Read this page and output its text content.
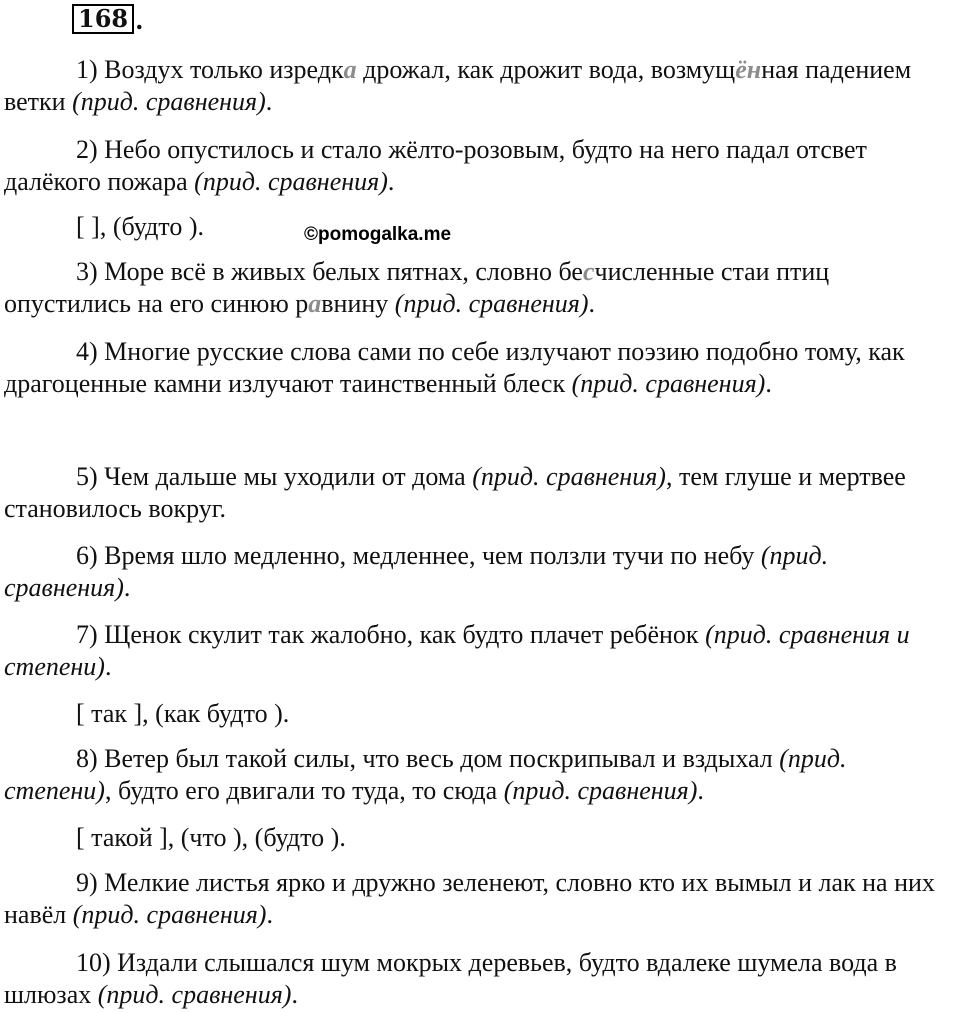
168 .

1) Воздух только изредка дрожал, как дрожит вода, возмущённая падением ветки (прид. сравнения).

2) Небо опустилось и стало жёлто-розовым, будто на него падал отсвет далёкого пожара (прид. сравнения).

[ ], (будто ).	©pomogalka.me

3) Море всё в живых белых пятнах, словно бесчисленные стаи птиц опустились на его синюю равнину (прид. сравнения).

4) Многие русские слова сами по себе излучают поэзию подобно тому, как драгоценные камни излучают таинственный блеск (прид. сравнения).

5) Чем дальше мы уходили от дома (прид. сравнения), тем глуше и мертвее становилось вокруг.

6) Время шло медленно, медленнее, чем ползли тучи по небу (прид. сравнения).

7) Щенок скулит так жалобно, как будто плачет ребёнок (прид. сравнения и степени).

[ так ], (как будто ).

8) Ветер был такой силы, что весь дом поскрипывал и вздыхал (прид. степени), будто его двигали то туда, то сюда (прид. сравнения).

[ такой ], (что ), (будто ).

9) Мелкие листья ярко и дружно зеленеют, словно кто их вымыл и лак на них навёл (прид. сравнения).

10) Издали слышался шум мокрых деревьев, будто вдалеке шумела вода в шлюзах (прид. сравнения).
